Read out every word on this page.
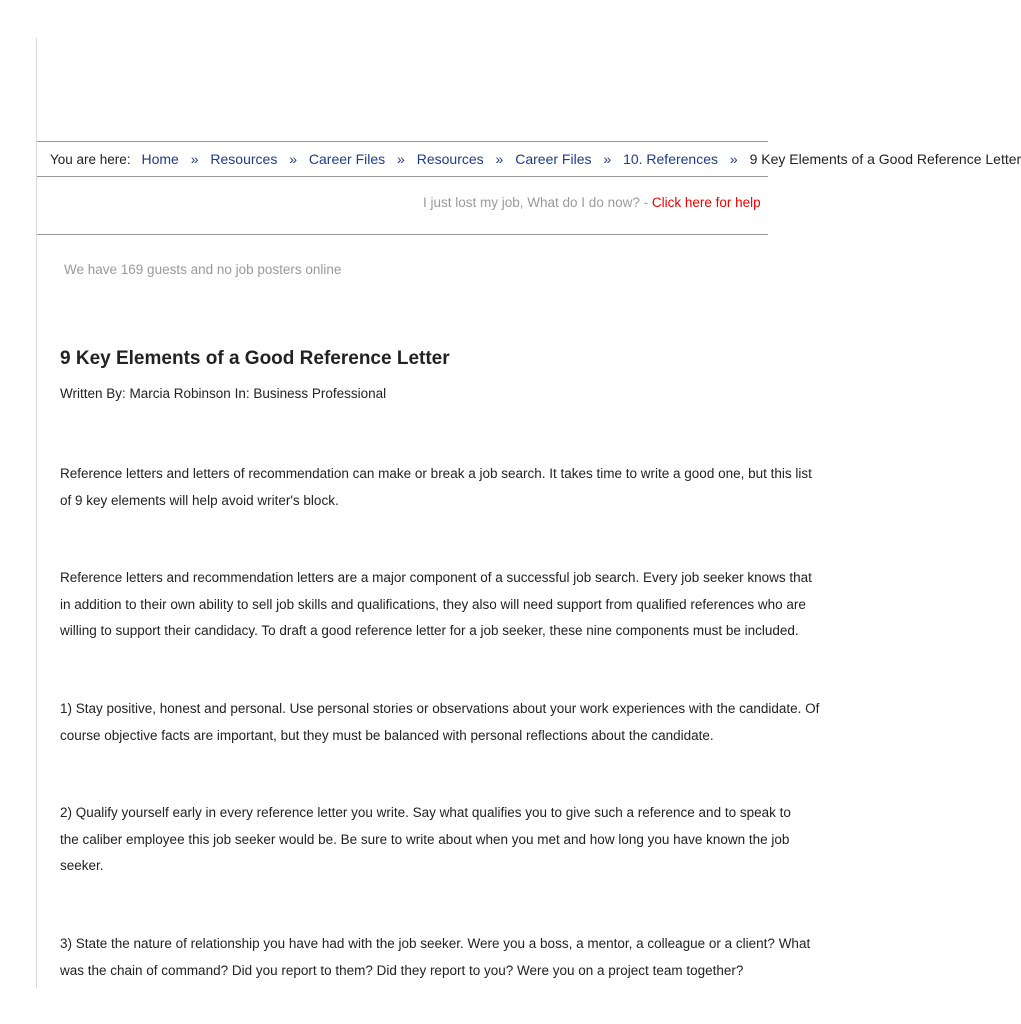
You are here: Home » Resources » Career Files » Resources » Career Files » 10. References » 9 Key Elements of a Good Reference Letter
I just lost my job, What do I do now? - Click here for help
We have 169 guests and no job posters online
9 Key Elements of a Good Reference Letter
Written By: Marcia Robinson In: Business Professional
Reference letters and letters of recommendation can make or break a job search. It takes time to write a good one, but this list
of 9 key elements will help avoid writer's block.
Reference letters and recommendation letters are a major component of a successful job search. Every job seeker knows that
in addition to their own ability to sell job skills and qualifications, they also will need support from qualified references who are
willing to support their candidacy. To draft a good reference letter for a job seeker, these nine components must be included.
1) Stay positive, honest and personal. Use personal stories or observations about your work experiences with the candidate. Of
course objective facts are important, but they must be balanced with personal reflections about the candidate.
2) Qualify yourself early in every reference letter you write. Say what qualifies you to give such a reference and to speak to
the caliber employee this job seeker would be. Be sure to write about when you met and how long you have known the job
seeker.
3) State the nature of relationship you have had with the job seeker. Were you a boss, a mentor, a colleague or a client? What
was the chain of command? Did you report to them? Did they report to you? Were you on a project team together?
